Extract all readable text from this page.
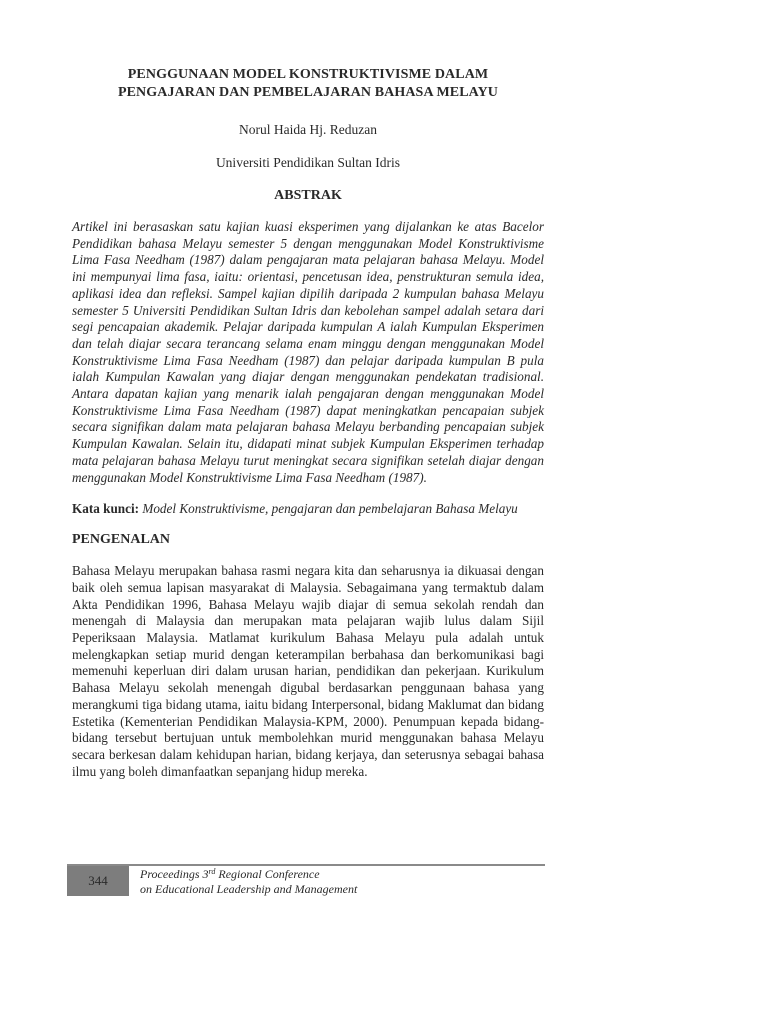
PENGGUNAAN MODEL KONSTRUKTIVISME DALAM

PENGAJARAN DAN PEMBELAJARAN BAHASA MELAYU

Norul Haida Hj. Reduzan

Universiti Pendidikan Sultan Idris

ABSTRAK

Artikel ini berasaskan satu kajian kuasi eksperimen yang dijalankan ke atas Bacelor Pendidikan bahasa Melayu semester 5 dengan menggunakan Model Konstruktivisme Lima Fasa Needham (1987) dalam pengajaran mata pelajaran bahasa Melayu. Model ini mempunyai lima fasa, iaitu: orientasi, pencetusan idea, penstrukturan semula idea, aplikasi idea dan refleksi. Sampel kajian dipilih daripada 2 kumpulan bahasa Melayu semester 5 Universiti Pendidikan Sultan Idris dan kebolehan sampel adalah setara dari segi pencapaian akademik. Pelajar daripada kumpulan A ialah Kumpulan Eksperimen dan telah diajar secara terancang selama enam minggu dengan menggunakan Model Konstruktivisme Lima Fasa Needham (1987) dan pelajar daripada kumpulan B pula ialah Kumpulan Kawalan yang diajar dengan menggunakan pendekatan tradisional. Antara dapatan kajian yang menarik ialah pengajaran dengan menggunakan Model Konstruktivisme Lima Fasa Needham (1987) dapat meningkatkan pencapaian subjek secara signifikan dalam mata pelajaran bahasa Melayu berbanding pencapaian subjek Kumpulan Kawalan. Selain itu, didapati minat subjek Kumpulan Eksperimen terhadap mata pelajaran bahasa Melayu turut meningkat secara signifikan setelah diajar dengan menggunakan Model Konstruktivisme Lima Fasa Needham (1987).

Kata kunci: Model Konstruktivisme, pengajaran dan pembelajaran Bahasa Melayu

PENGENALAN

Bahasa Melayu merupakan bahasa rasmi negara kita dan seharusnya ia dikuasai dengan baik oleh semua lapisan masyarakat di Malaysia. Sebagaimana yang termaktub dalam Akta Pendidikan 1996, Bahasa Melayu wajib diajar di semua sekolah rendah dan menengah di Malaysia dan merupakan mata pelajaran wajib lulus dalam Sijil Peperiksaan Malaysia. Matlamat kurikulum Bahasa Melayu pula adalah untuk melengkapkan setiap murid dengan keterampilan berbahasa dan berkomunikasi bagi memenuhi keperluan diri dalam urusan harian, pendidikan dan pekerjaan. Kurikulum Bahasa Melayu sekolah menengah digubal berdasarkan penggunaan bahasa yang merangkumi tiga bidang utama, iaitu bidang Interpersonal, bidang Maklumat dan bidang Estetika (Kementerian Pendidikan Malaysia-KPM, 2000). Penumpuan kepada bidang-bidang tersebut bertujuan untuk membolehkan murid menggunakan bahasa Melayu secara berkesan dalam kehidupan harian, bidang kerjaya, dan seterusnya sebagai bahasa ilmu yang boleh dimanfaatkan sepanjang hidup mereka.

344	Proceedings 3rd Regional Conference
on Educational Leadership and Management
